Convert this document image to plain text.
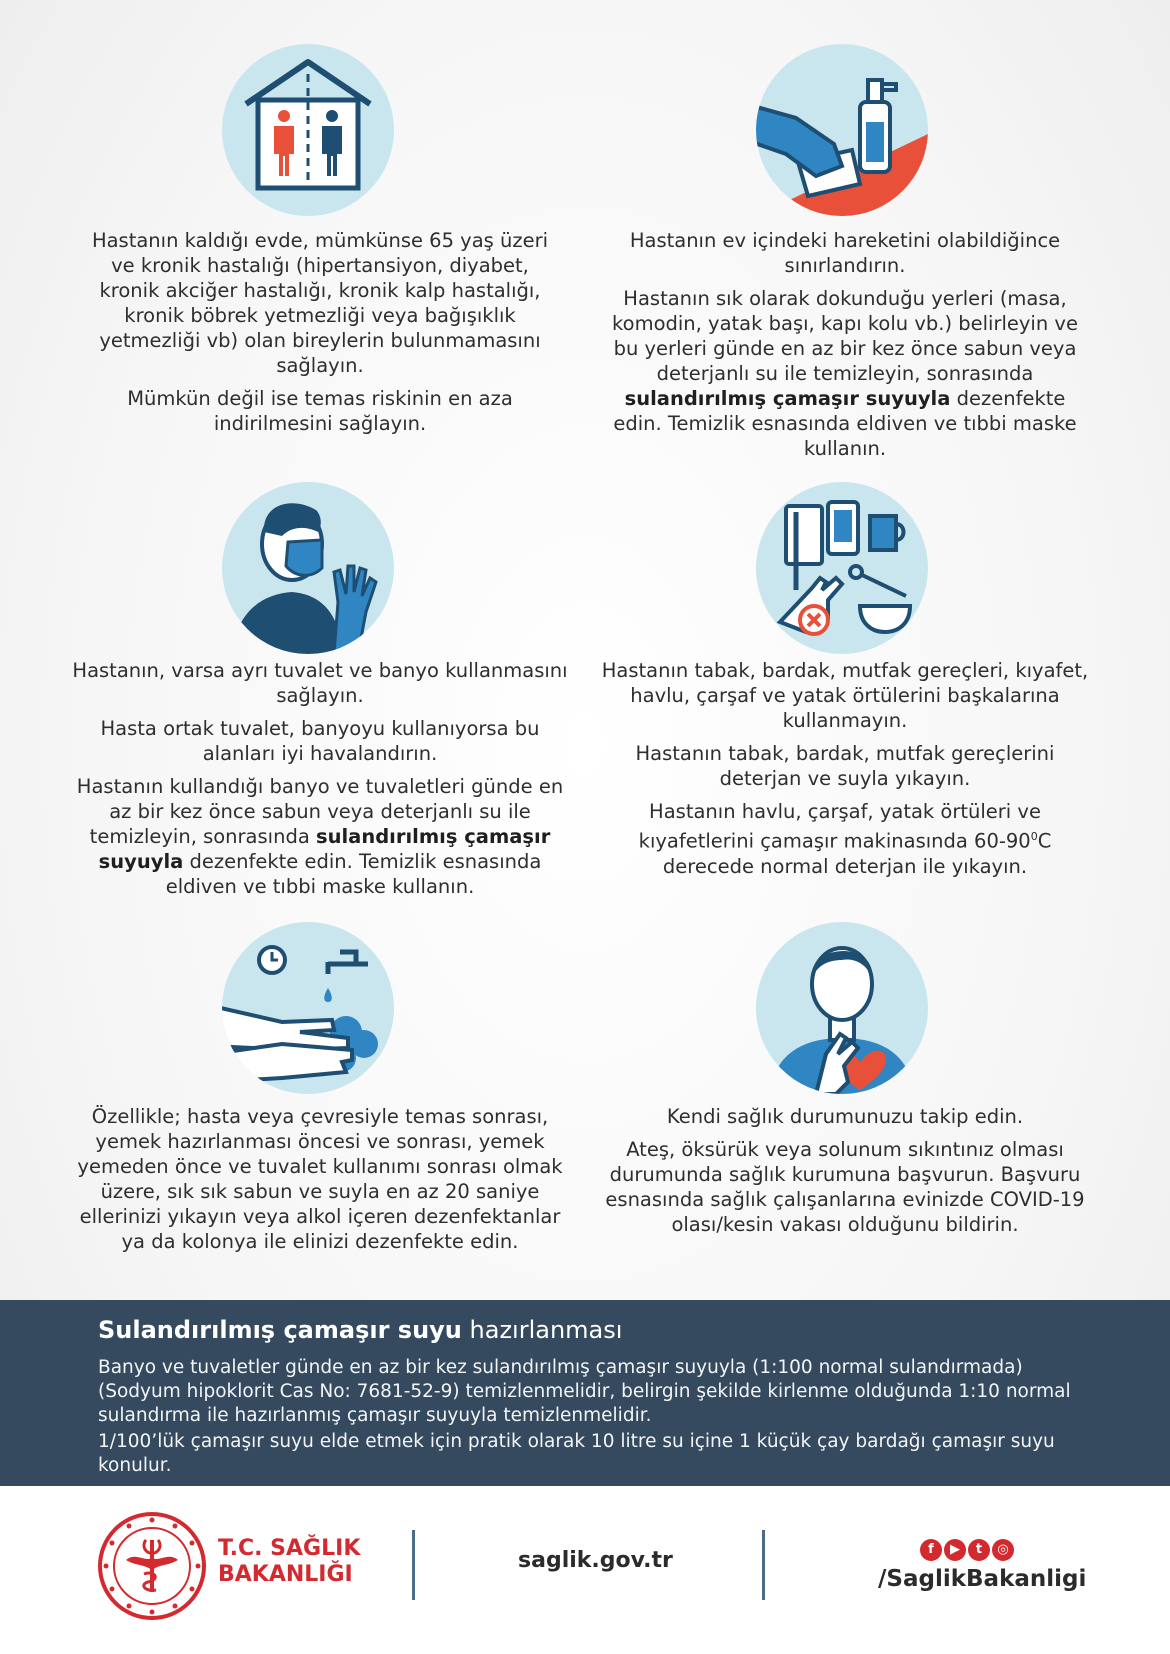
Hastanın kaldığı evde, mümkünse 65 yaş üzeri ve kronik hastalığı (hipertansiyon, diyabet, kronik akciğer hastalığı, kronik kalp hastalığı, kronik böbrek yetmezliği veya bağışıklık yetmezliği vb) olan bireylerin bulunmamasını sağlayın.

Mümkün değil ise temas riskinin en aza indirilmesini sağlayın.

Hastanın ev içindeki hareketini olabildiğince sınırlandırın.

Hastanın sık olarak dokunduğu yerleri (masa, komodin, yatak başı, kapı kolu vb.) belirleyin ve bu yerleri günde en az bir kez önce sabun veya deterjanlı su ile temizleyin, sonrasında sulandırılmış çamaşır suyuyla dezenfekte edin. Temizlik esnasında eldiven ve tıbbi maske kullanın.

Hastanın, varsa ayrı tuvalet ve banyo kullanmasını sağlayın.

Hasta ortak tuvalet, banyoyu kullanıyorsa bu alanları iyi havalandırın.

Hastanın kullandığı banyo ve tuvaletleri günde en az bir kez önce sabun veya deterjanlı su ile temizleyin, sonrasında sulandırılmış çamaşır suyuyla dezenfekte edin. Temizlik esnasında eldiven ve tıbbi maske kullanın.

Hastanın tabak, bardak, mutfak gereçleri, kıyafet, havlu, çarşaf ve yatak örtülerini başkalarına kullanmayın.

Hastanın tabak, bardak, mutfak gereçlerini deterjan ve suyla yıkayın.

Hastanın havlu, çarşaf, yatak örtüleri ve kıyafetlerini çamaşır makinasında $60-90^0C$ derecede normal deterjan ile yıkayın.

Özellikle; hasta veya çevresiyle temas sonrası, yemek hazırlanması öncesi ve sonrası, yemek yemeden önce ve tuvalet kullanımı sonrası olmak üzere, sık sık sabun ve suyla en az 20 saniye ellerinizi yıkayın veya alkol içeren dezenfektanlar ya da kolonya ile elinizi dezenfekte edin.

Kendi sağlık durumunuzu takip edin.

Ateş, öksürük veya solunum sıkıntınız olması durumunda sağlık kurumuna başvurun. Başvuru esnasında sağlık çalışanlarına evinizde COVID-19 olası/kesin vakası olduğunu bildirin.

Sulandırılmış çamaşır suyu hazırlanması

Banyo ve tuvaletler günde en az bir kez sulandırılmış çamaşır suyuyla (1:100 normal sulandırmada) (Sodyum hipoklorit Cas No: 7681-52-9) temizlenmelidir, belirgin şekilde kirlenme olduğunda 1:10 normal sulandırma ile hazırlanmış çamaşır suyuyla temizlenmelidir.

1/100’lük çamaşır suyu elde etmek için pratik olarak 10 litre su içine 1 küçük çay bardağı çamaşır suyu konulur.

T.C. SAĞLIK
BAKANLIĞI
saglik.gov.tr	f ▶ t ◎
/SaglikBakanligi
